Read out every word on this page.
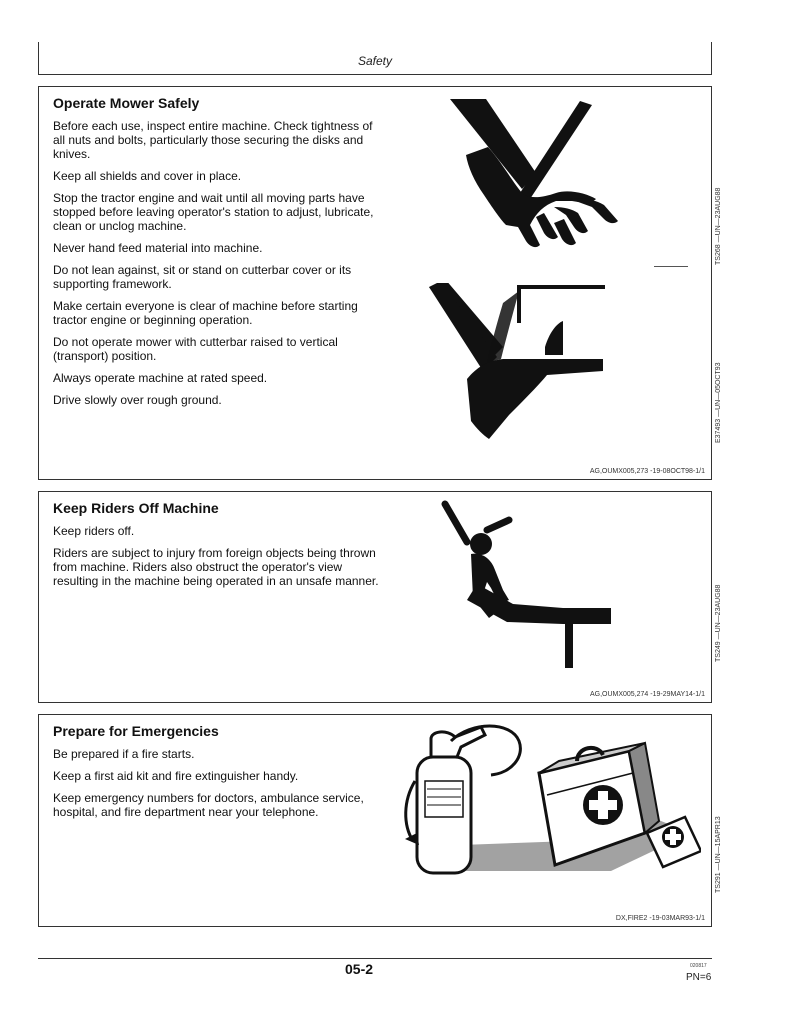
Safety
Operate Mower Safely

Before each use, inspect entire machine. Check tightness of all nuts and bolts, particularly those securing the disks and knives.

Keep all shields and cover in place.

Stop the tractor engine and wait until all moving parts have stopped before leaving operator's station to adjust, lubricate, clean or unclog machine.

Never hand feed material into machine.

Do not lean against, sit or stand on cutterbar cover or its supporting framework.

Make certain everyone is clear of machine before starting tractor engine or beginning operation.

Do not operate mower with cutterbar raised to vertical (transport) position.

Always operate machine at rated speed.

Drive slowly over rough ground.

TS268 —UN—23AUG88
E37493 —UN—05OCT93
AG,OUMX005,273 -19-08OCT98-1/1
Keep Riders Off Machine

Keep riders off.

Riders are subject to injury from foreign objects being thrown from machine. Riders also obstruct the operator's view resulting in the machine being operated in an unsafe manner.

TS249 —UN—23AUG88
AG,OUMX005,274 -19-29MAY14-1/1
Prepare for Emergencies

Be prepared if a fire starts.

Keep a first aid kit and fire extinguisher handy.

Keep emergency numbers for doctors, ambulance service, hospital, and fire department near your telephone.

TS291 —UN—15APR13
DX,FIRE2 -19-03MAR93-1/1
05-2	020817
PN=6
